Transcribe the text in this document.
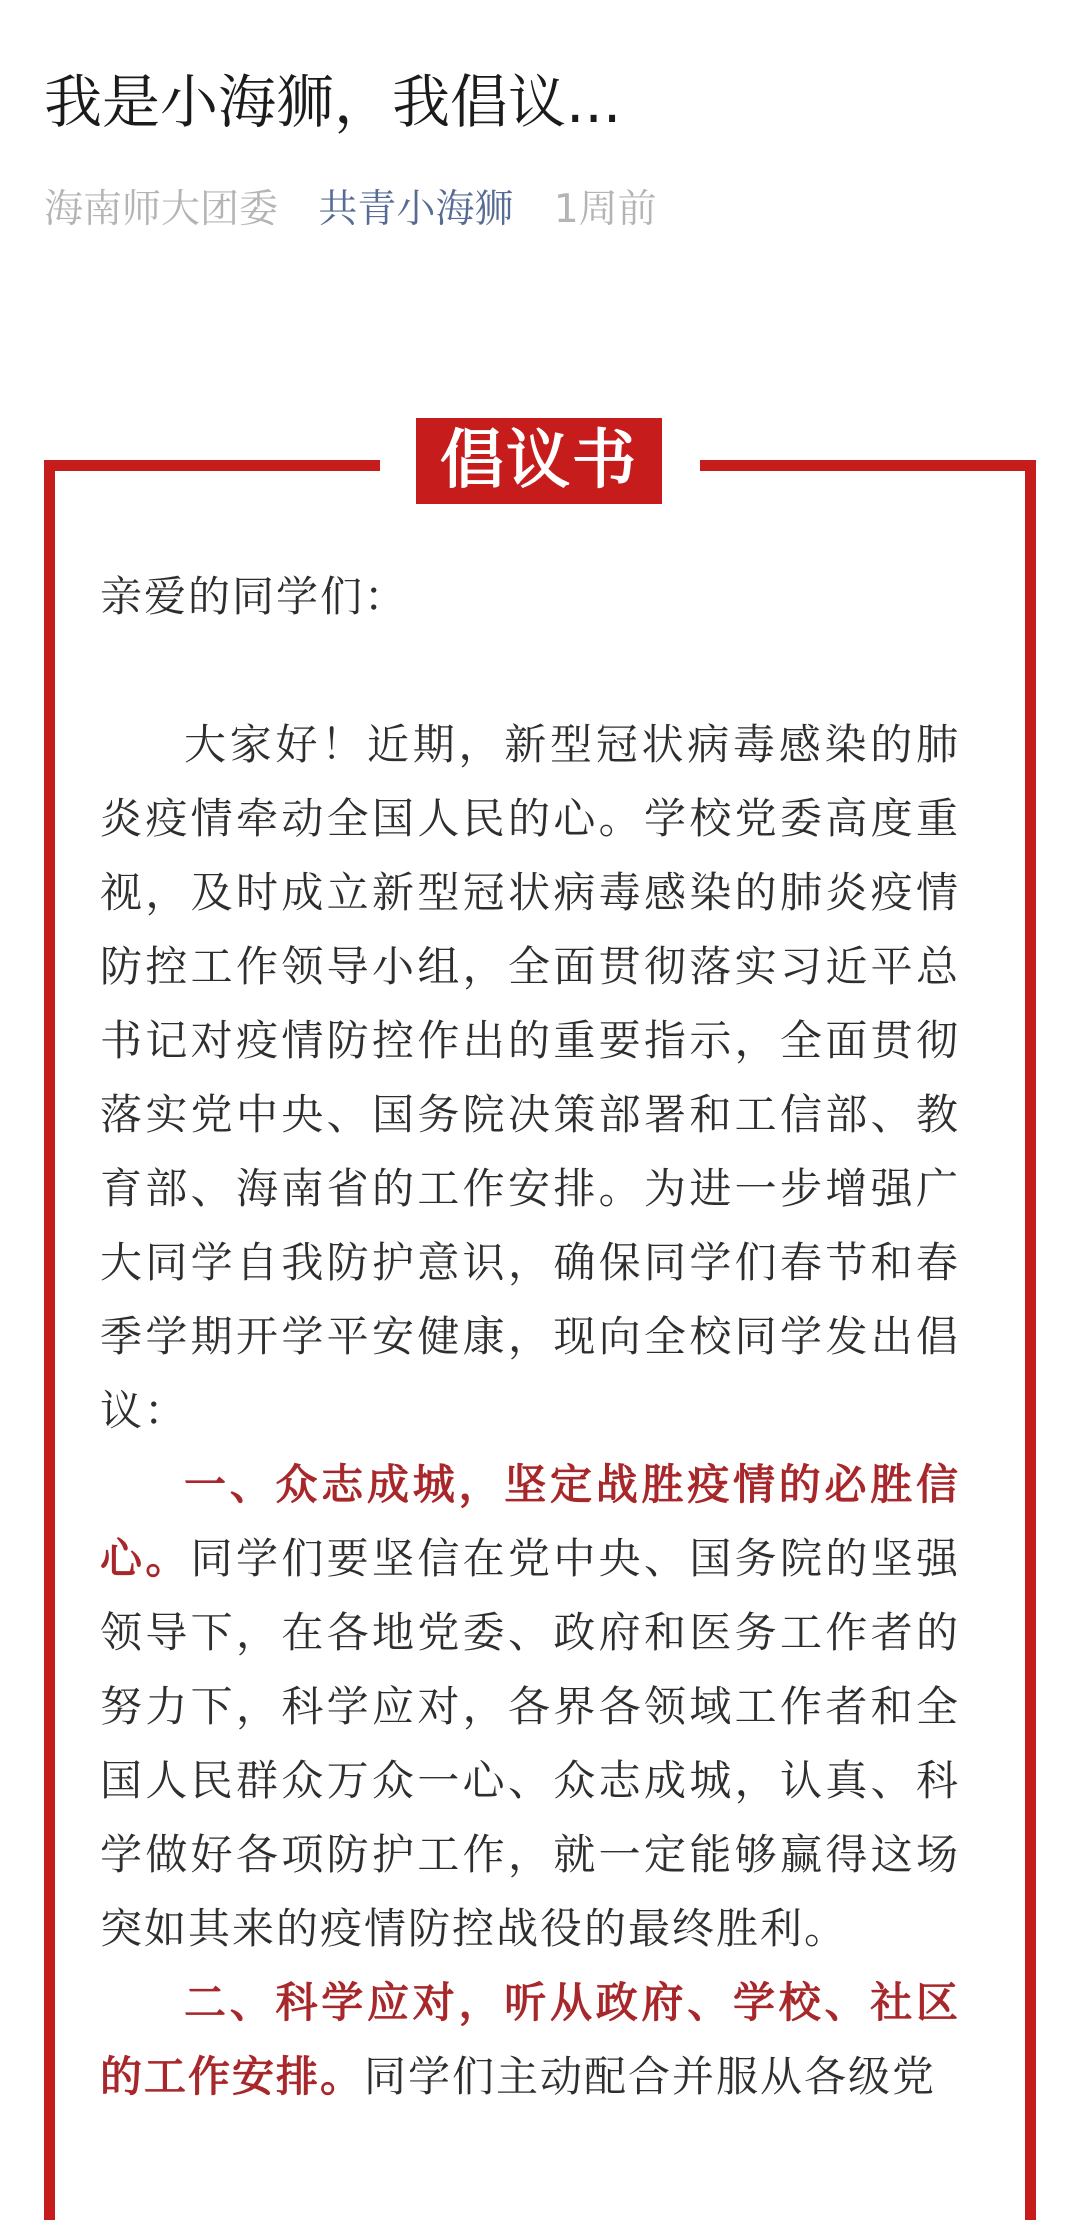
我是小海狮，我倡议...
海南师大团委 共青小海狮 1周前
倡议书

亲爱的同学们：

大家好！近期，新型冠状病毒感染的肺炎疫情牵动全国人民的心。学校党委高度重视，及时成立新型冠状病毒感染的肺炎疫情防控工作领导小组，全面贯彻落实习近平总书记对疫情防控作出的重要指示，全面贯彻落实党中央、国务院决策部署和工信部、教育部、海南省的工作安排。为进一步增强广大同学自我防护意识，确保同学们春节和春季学期开学平安健康，现向全校同学发出倡议：

一、众志成城，坚定战胜疫情的必胜信心。同学们要坚信在党中央、国务院的坚强领导下，在各地党委、政府和医务工作者的努力下，科学应对，各界各领域工作者和全国人民群众万众一心、众志成城，认真、科学做好各项防护工作，就一定能够赢得这场突如其来的疫情防控战役的最终胜利。

二、科学应对，听从政府、学校、社区的工作安排。同学们主动配合并服从各级党
